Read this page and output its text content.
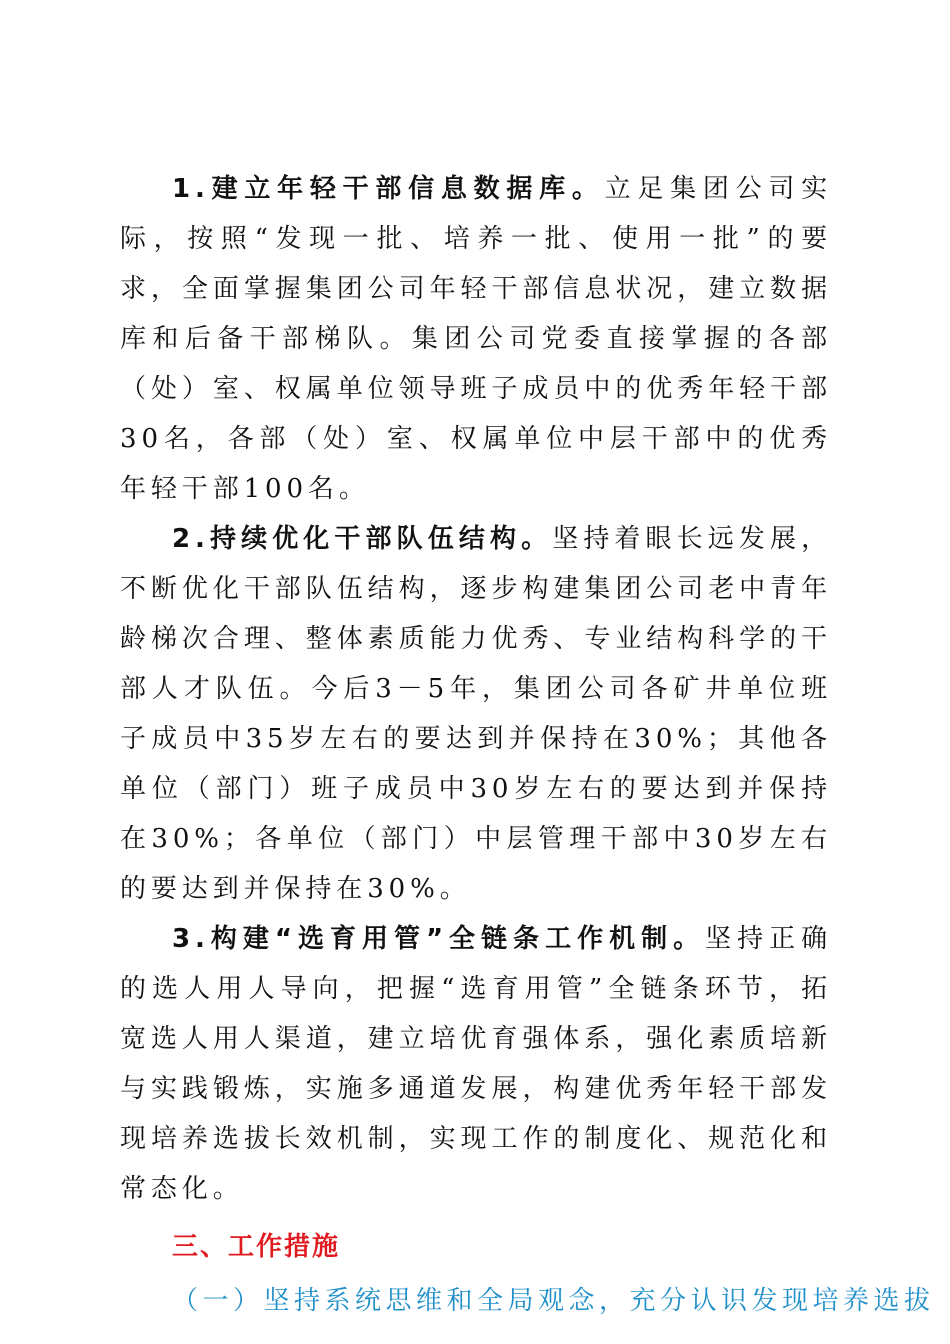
1.建立年轻干部信息数据库。立足集团公司实际，按照“发现一批、培养一批、使用一批”的要求，全面掌握集团公司年轻干部信息状况，建立数据库和后备干部梯队。集团公司党委直接掌握的各部（处）室、权属单位领导班子成员中的优秀年轻干部30名，各部（处）室、权属单位中层干部中的优秀年轻干部100名。

2.持续优化干部队伍结构。坚持着眼长远发展，不断优化干部队伍结构，逐步构建集团公司老中青年龄梯次合理、整体素质能力优秀、专业结构科学的干部人才队伍。今后3－5年，集团公司各矿井单位班子成员中35岁左右的要达到并保持在30%；其他各单位（部门）班子成员中30岁左右的要达到并保持在30%；各单位（部门）中层管理干部中30岁左右的要达到并保持在30%。

3.构建“选育用管”全链条工作机制。坚持正确的选人用人导向，把握“选育用管”全链条环节，拓宽选人用人渠道，建立培优育强体系，强化素质培新与实践锻炼，实施多通道发展，构建优秀年轻干部发现培养选拔长效机制，实现工作的制度化、规范化和常态化。

三、工作措施
（一）坚持系统思维和全局观念，充分认识发现培养选拔
